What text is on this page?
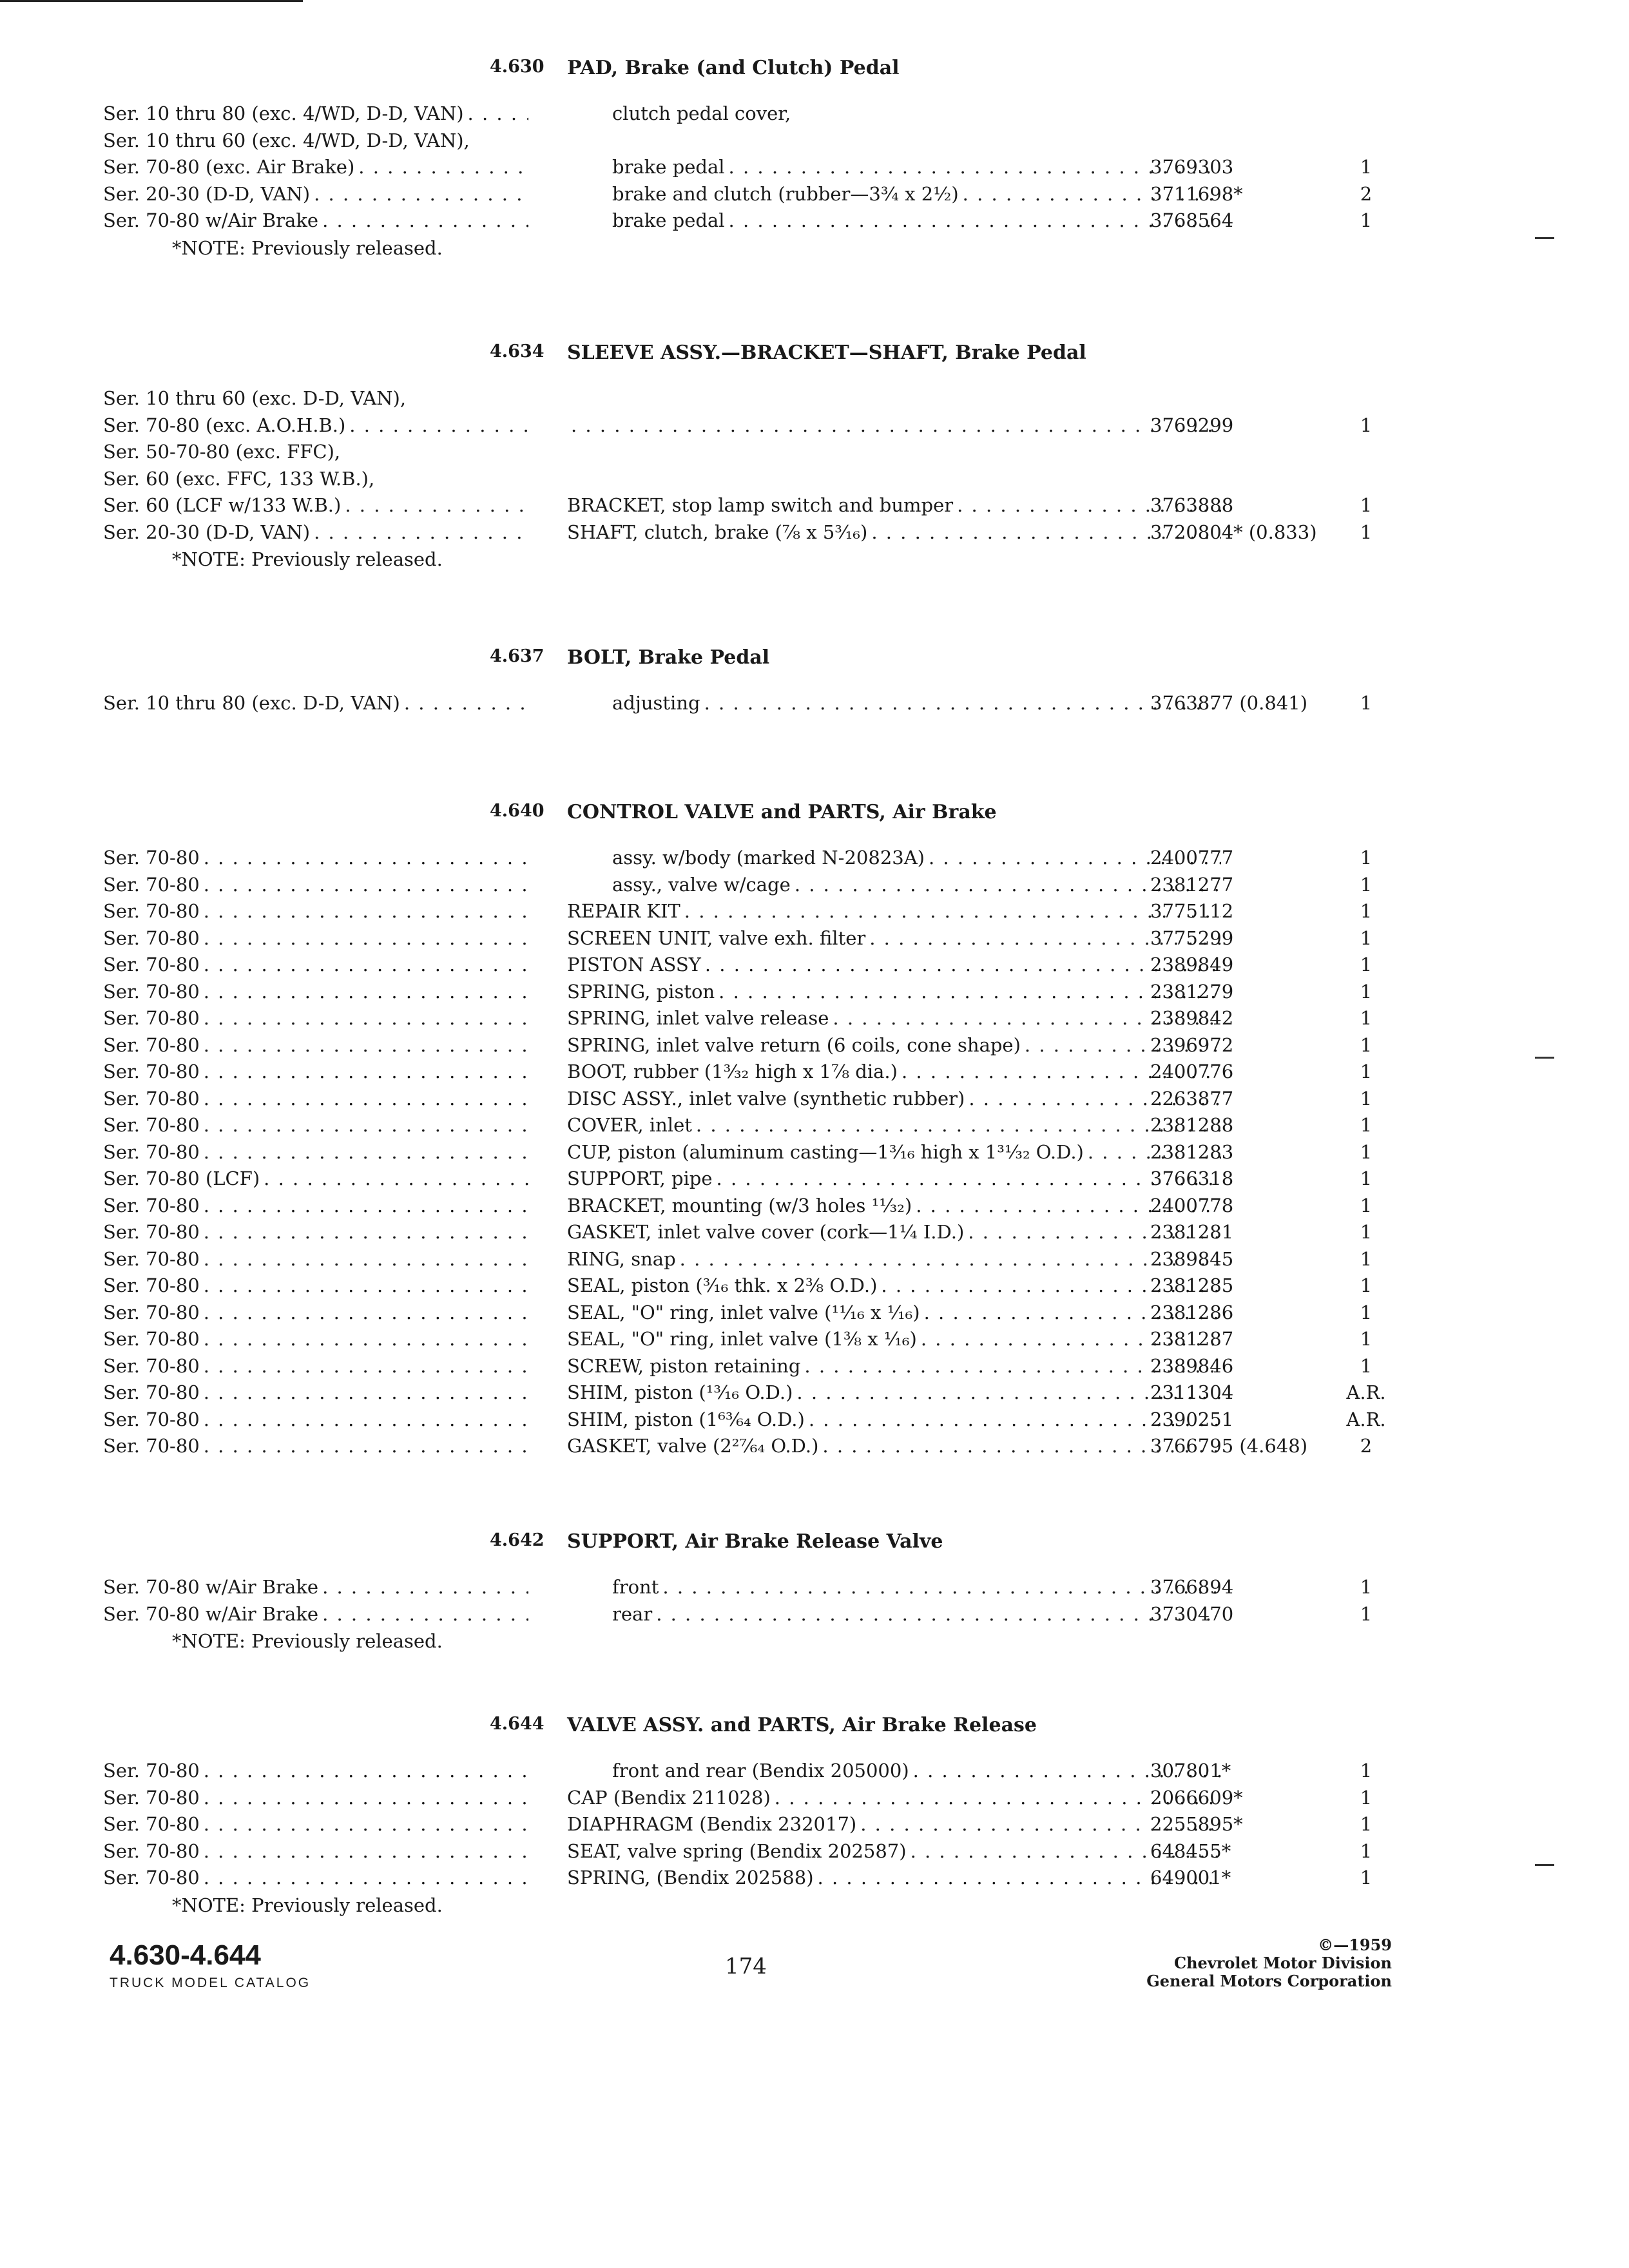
4.630 PAD, Brake (and Clutch) Pedal
Ser. 10 thru 80 (exc. 4/WD, D-D, VAN)
. . .	clutch pedal cover,
Ser. 10 thru 60 (exc. 4/WD, D-D, VAN),
Ser. 70-80 (exc. Air Brake)
. . .	brake pedal
. . .	3769303	1
Ser. 20-30 (D-D, VAN)
. . .	brake and clutch (rubber—3¾ x 2½)
. . .	3711698*	2
Ser. 70-80 w/Air Brake
. . .	brake pedal
. . .	3768564	1
*NOTE: Previously released.
4.634 SLEEVE ASSY.—BRACKET—SHAFT, Brake Pedal
Ser. 10 thru 60 (exc. D-D, VAN),
Ser. 70-80 (exc. A.O.H.B.)
. . .
. . .	3769299	1
Ser. 50-70-80 (exc. FFC),
Ser. 60 (exc. FFC, 133 W.B.),
Ser. 60 (LCF w/133 W.B.)
. . .	BRACKET, stop lamp switch and bumper
. . .	3763888	1
Ser. 20-30 (D-D, VAN)
. . .	SHAFT, clutch, brake (⅞ x 5³⁄₁₆)
. . .	3720804* (0.833)	1
*NOTE: Previously released.
4.637 BOLT, Brake Pedal
Ser. 10 thru 80 (exc. D-D, VAN)
. . .	adjusting
. . .	3763877 (0.841)	1
4.640 CONTROL VALVE and PARTS, Air Brake
Ser. 70-80
. . .	assy. w/body (marked N-20823A)
. . .	2400777	1
Ser. 70-80
. . .	assy., valve w/cage
. . .	2381277	1
Ser. 70-80
. . .	REPAIR KIT
. . .	3775112	1
Ser. 70-80
. . .	SCREEN UNIT, valve exh. filter
. . .	3775299	1
Ser. 70-80
. . .	PISTON ASSY
. . .	2389849	1
Ser. 70-80
. . .	SPRING, piston
. . .	2381279	1
Ser. 70-80
. . .	SPRING, inlet valve release
. . .	2389842	1
Ser. 70-80
. . .	SPRING, inlet valve return (6 coils, cone shape)
. . .	2396972	1
Ser. 70-80
. . .	BOOT, rubber (1³⁄₃₂ high x 1⅞ dia.)
. . .	2400776	1
Ser. 70-80
. . .	DISC ASSY., inlet valve (synthetic rubber)
. . .	2263877	1
Ser. 70-80
. . .	COVER, inlet
. . .	2381288	1
Ser. 70-80
. . .	CUP, piston (aluminum casting—1³⁄₁₆ high x 1³¹⁄₃₂ O.D.)
. . .	2381283	1
Ser. 70-80 (LCF)
. . .	SUPPORT, pipe
. . .	3766318	1
Ser. 70-80
. . .	BRACKET, mounting (w/3 holes ¹¹⁄₃₂)
. . .	2400778	1
Ser. 70-80
. . .	GASKET, inlet valve cover (cork—1¼ I.D.)
. . .	2381281	1
Ser. 70-80
. . .	RING, snap
. . .	2389845	1
Ser. 70-80
. . .	SEAL, piston (³⁄₁₆ thk. x 2⅜ O.D.)
. . .	2381285	1
Ser. 70-80
. . .	SEAL, "O" ring, inlet valve (¹¹⁄₁₆ x ¹⁄₁₆)
. . .	2381286	1
Ser. 70-80
. . .	SEAL, "O" ring, inlet valve (1⅜ x ¹⁄₁₆)
. . .	2381287	1
Ser. 70-80
. . .	SCREW, piston retaining
. . .	2389846	1
Ser. 70-80
. . .	SHIM, piston (¹³⁄₁₆ O.D.)
. . .	2311304	A.R.
Ser. 70-80
. . .	SHIM, piston (1⁶³⁄₆₄ O.D.)
. . .	2390251	A.R.
Ser. 70-80
. . .	GASKET, valve (2²⁷⁄₆₄ O.D.)
. . .	3766795 (4.648)	2
4.642 SUPPORT, Air Brake Release Valve
Ser. 70-80 w/Air Brake
. . .	front
. . .	3766894	1
Ser. 70-80 w/Air Brake
. . .	rear
. . .	3730470	1
*NOTE: Previously released.
4.644 VALVE ASSY. and PARTS, Air Brake Release
Ser. 70-80
. . .	front and rear (Bendix 205000)
. . .	307801*	1
Ser. 70-80
. . .	CAP (Bendix 211028)
. . .	2066609*	1
Ser. 70-80
. . .	DIAPHRAGM (Bendix 232017)
. . .	2255895*	1
Ser. 70-80
. . .	SEAT, valve spring (Bendix 202587)
. . .	648455*	1
Ser. 70-80
. . .	SPRING, (Bendix 202588)
. . .	649001*	1
*NOTE: Previously released.
4.630-4.644
TRUCK MODEL CATALOG
174
©—1959
Chevrolet Motor Division
General Motors Corporation
